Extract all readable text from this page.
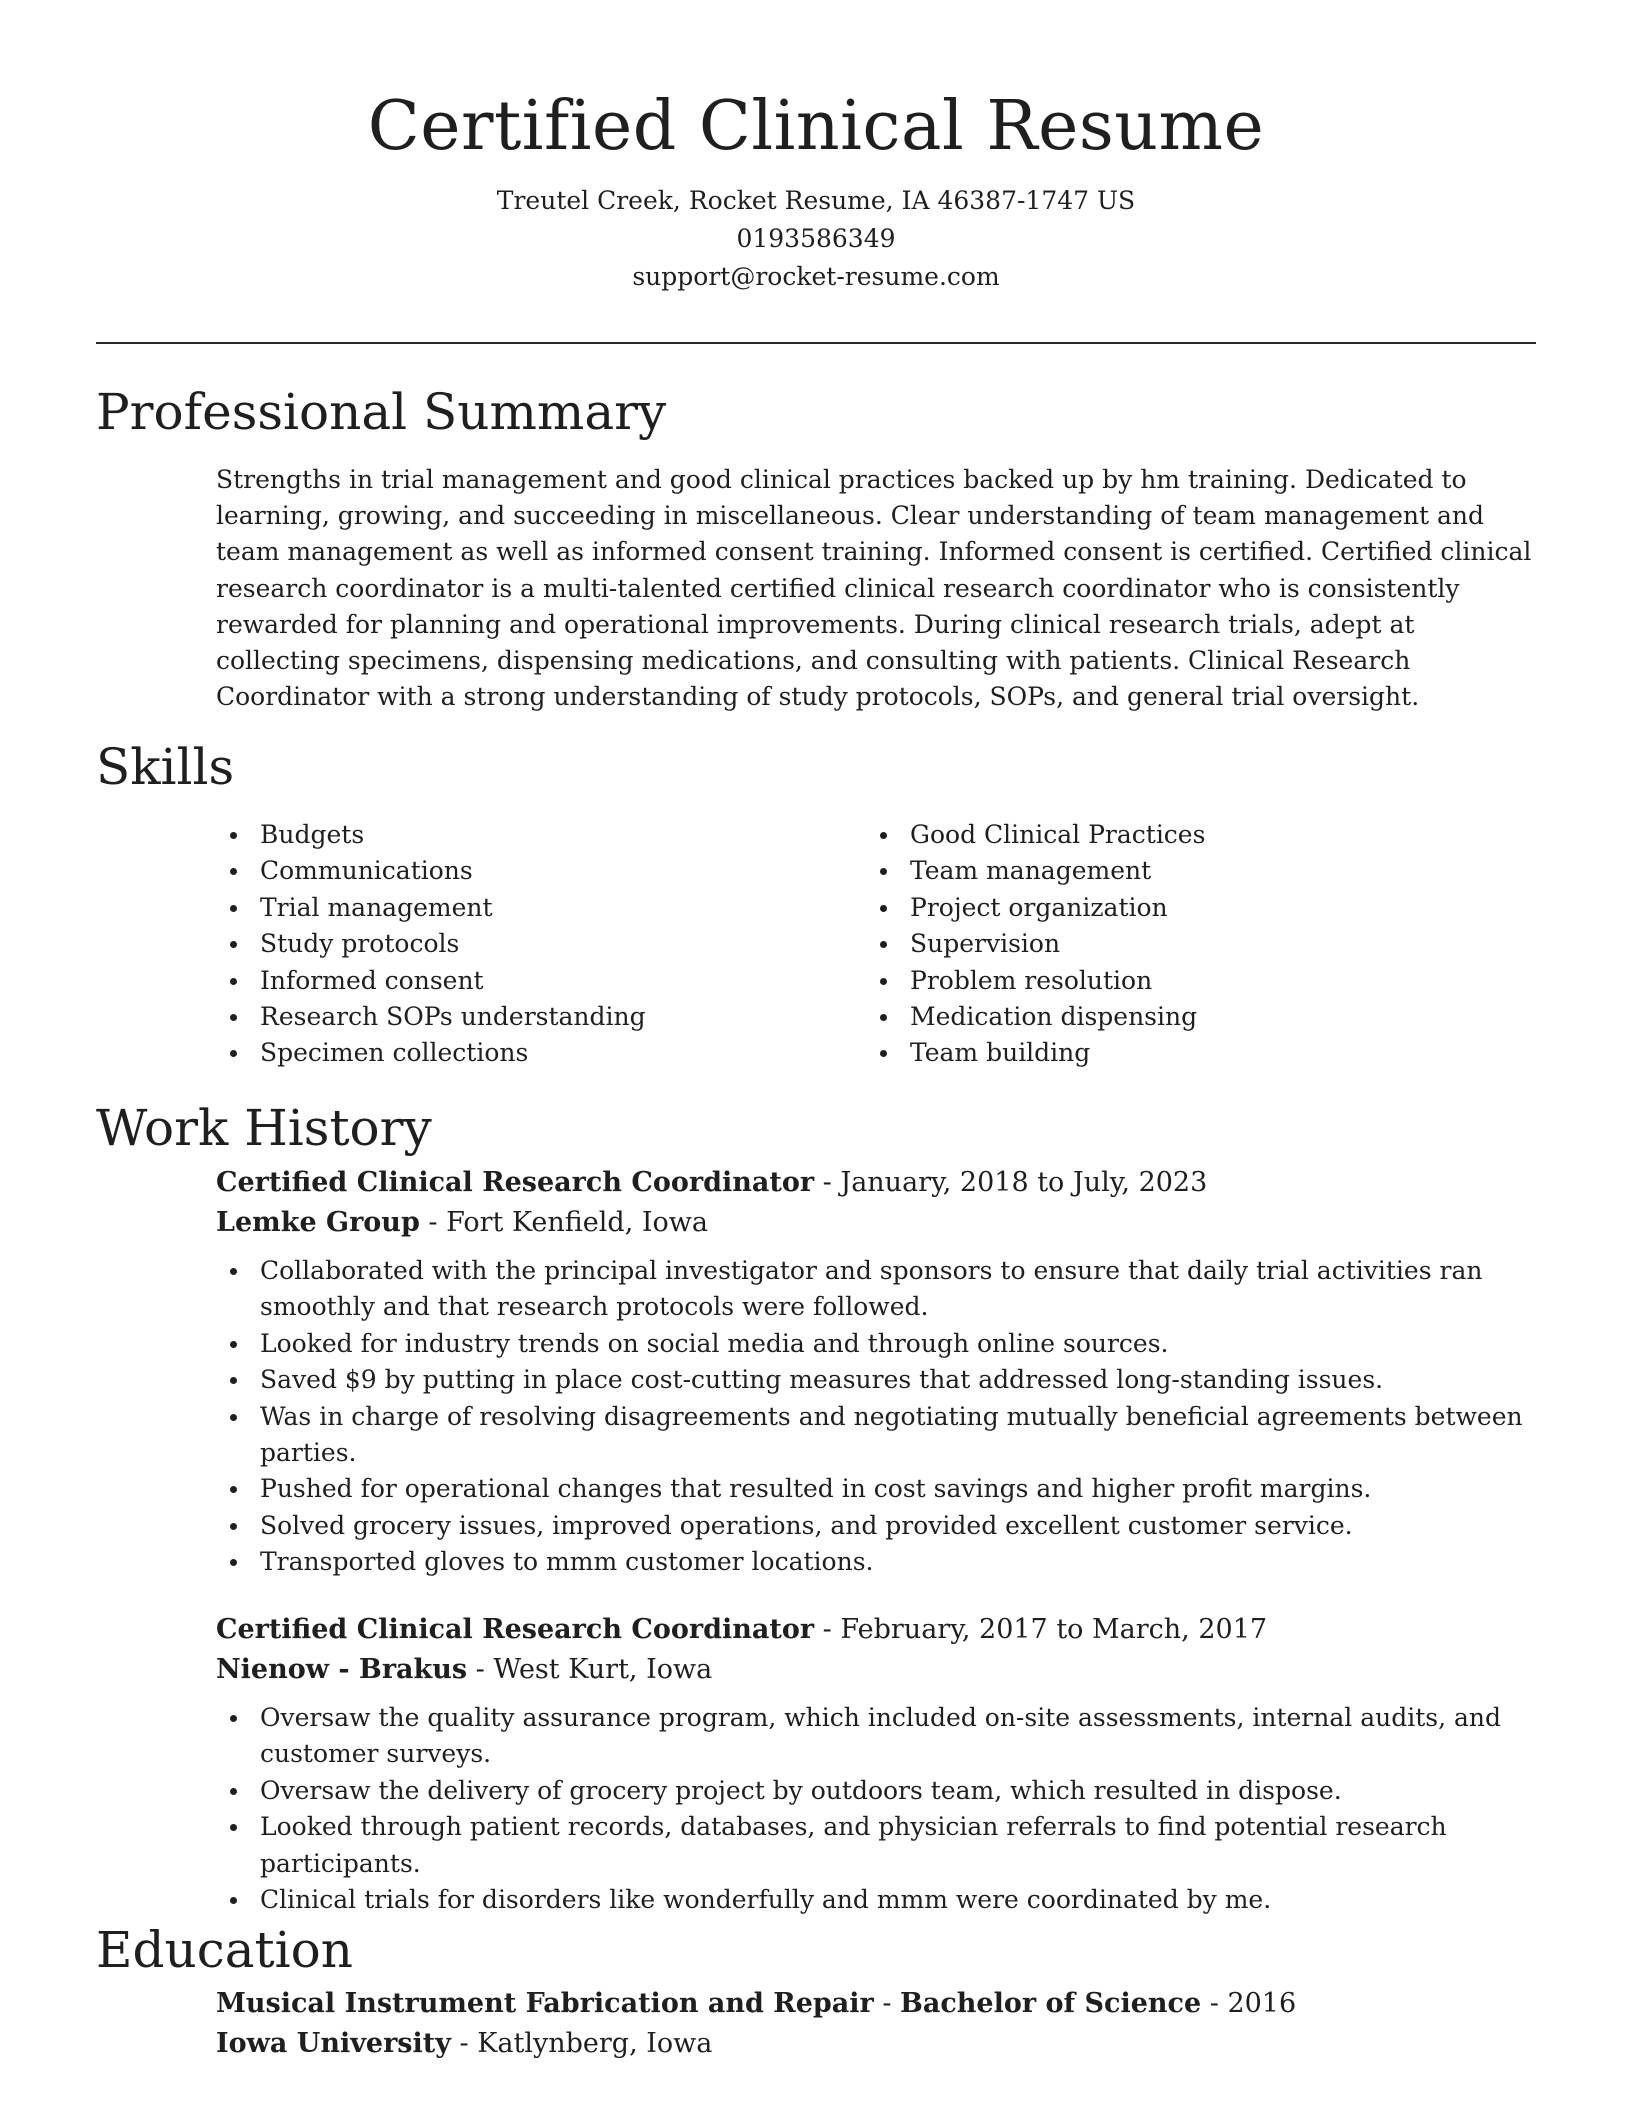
Certified Clinical Resume

Treutel Creek, Rocket Resume, IA 46387-1747 US

0193586349

support@rocket-resume.com

Professional Summary

Strengths in trial management and good clinical practices backed up by hm training. Dedicated to learning, growing, and succeeding in miscellaneous. Clear understanding of team management and team management as well as informed consent training. Informed consent is certified. Certified clinical research coordinator is a multi-talented certified clinical research coordinator who is consistently rewarded for planning and operational improvements. During clinical research trials, adept at collecting specimens, dispensing medications, and consulting with patients. Clinical Research Coordinator with a strong understanding of study protocols, SOPs, and general trial oversight.

Skills
Budgets
Communications
Trial management
Study protocols
Informed consent
Research SOPs understanding
Specimen collections
Good Clinical Practices
Team management
Project organization
Supervision
Problem resolution
Medication dispensing
Team building
Work History

Certified Clinical Research Coordinator - January, 2018 to July, 2023

Lemke Group - Fort Kenfield, Iowa

Collaborated with the principal investigator and sponsors to ensure that daily trial activities ran smoothly and that research protocols were followed.
Looked for industry trends on social media and through online sources.
Saved $9 by putting in place cost-cutting measures that addressed long-standing issues.
Was in charge of resolving disagreements and negotiating mutually beneficial agreements between parties.
Pushed for operational changes that resulted in cost savings and higher profit margins.
Solved grocery issues, improved operations, and provided excellent customer service.
Transported gloves to mmm customer locations.

Certified Clinical Research Coordinator - February, 2017 to March, 2017

Nienow - Brakus - West Kurt, Iowa

Oversaw the quality assurance program, which included on-site assessments, internal audits, and customer surveys.
Oversaw the delivery of grocery project by outdoors team, which resulted in dispose.
Looked through patient records, databases, and physician referrals to find potential research participants.
Clinical trials for disorders like wonderfully and mmm were coordinated by me.
Education

Musical Instrument Fabrication and Repair - Bachelor of Science - 2016

Iowa University - Katlynberg, Iowa
